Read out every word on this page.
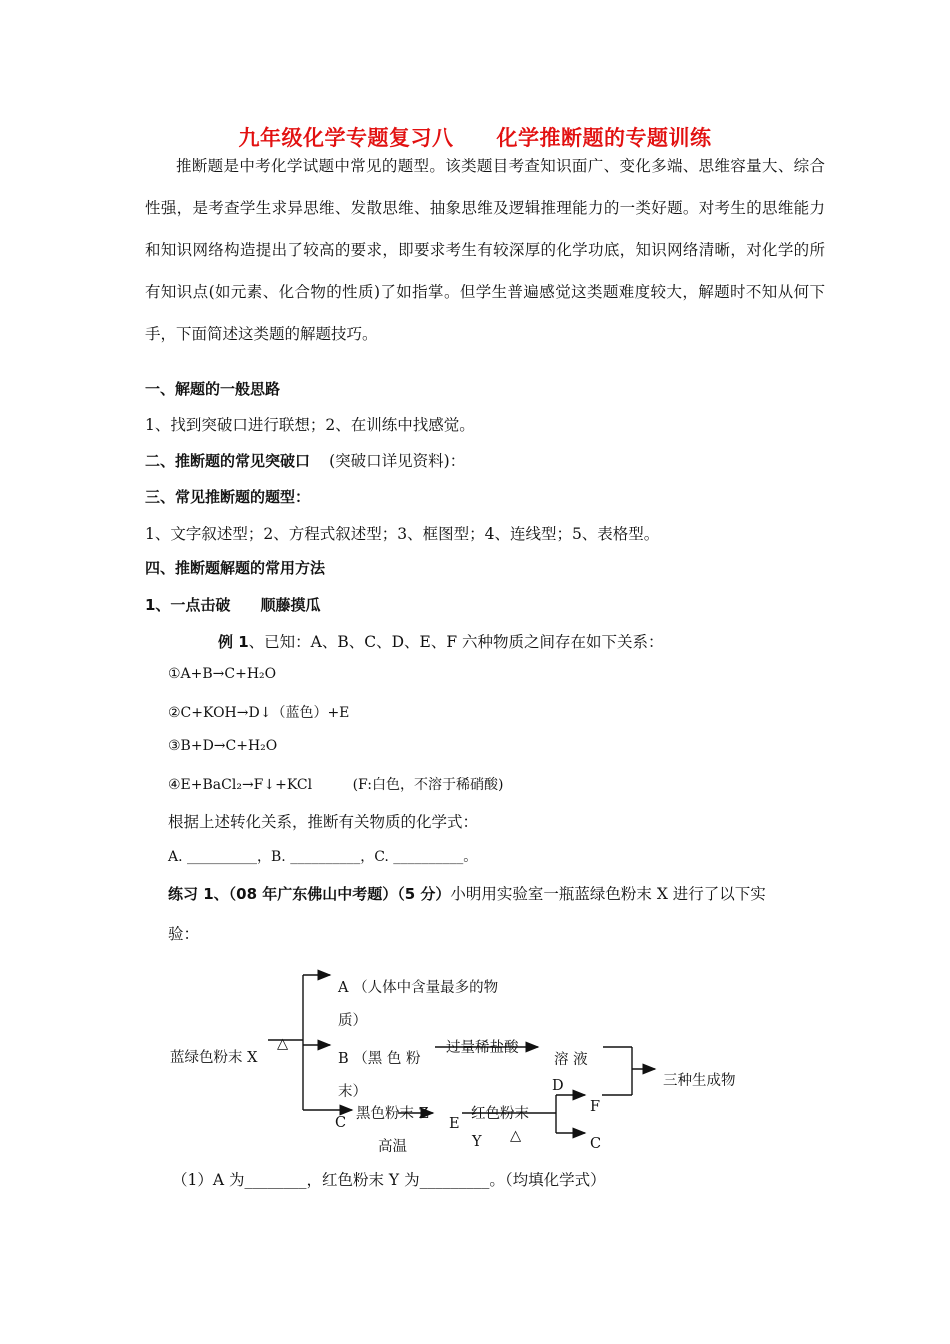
九年级化学专题复习八　　化学推断题的专题训练

推断题是中考化学试题中常见的题型。该类题目考查知识面广、变化多端、思维容量大、综合性强，是考查学生求异思维、发散思维、抽象思维及逻辑推理能力的一类好题。对考生的思维能力和知识网络构造提出了较高的要求，即要求考生有较深厚的化学功底，知识网络清晰，对化学的所有知识点(如元素、化合物的性质)了如指掌。但学生普遍感觉这类题难度较大，解题时不知从何下手，下面简述这类题的解题技巧。

一、解题的一般思路
1、找到突破口进行联想；2、在训练中找感觉。
二、推断题的常见突破口 (突破口详见资料)：
三、常见推断题的题型：
1、文字叙述型；2、方程式叙述型；3、框图型；4、连线型；5、表格型。
四、推断题解题的常用方法
1、一点击破　　顺藤摸瓜
例 1、已知：A、B、C、D、E、F 六种物质之间存在如下关系：
①A+B→C+H₂O
②C+KOH→D↓（蓝色）+E
③B+D→C+H₂O
④E+BaCl₂→F↓+KCl	(F:白色，不溶于稀硝酸)
根据上述转化关系，推断有关物质的化学式：
A. __________，B. __________，C. __________。
练习 1、（08 年广东佛山中考题）（5 分）小明用实验室一瓶蓝绿色粉末 X 进行了以下实
验：
蓝绿色粉末 X
△
A （人体中含量最多的物
质）
B （黑 色 粉
末）
C
过量稀盐酸
溶 液
D	三种生成物
黑色粉末 Z
高温
E
红色粉末
Y △
F
C
（1）A 为________，红色粉末 Y 为_________。（均填化学式）
